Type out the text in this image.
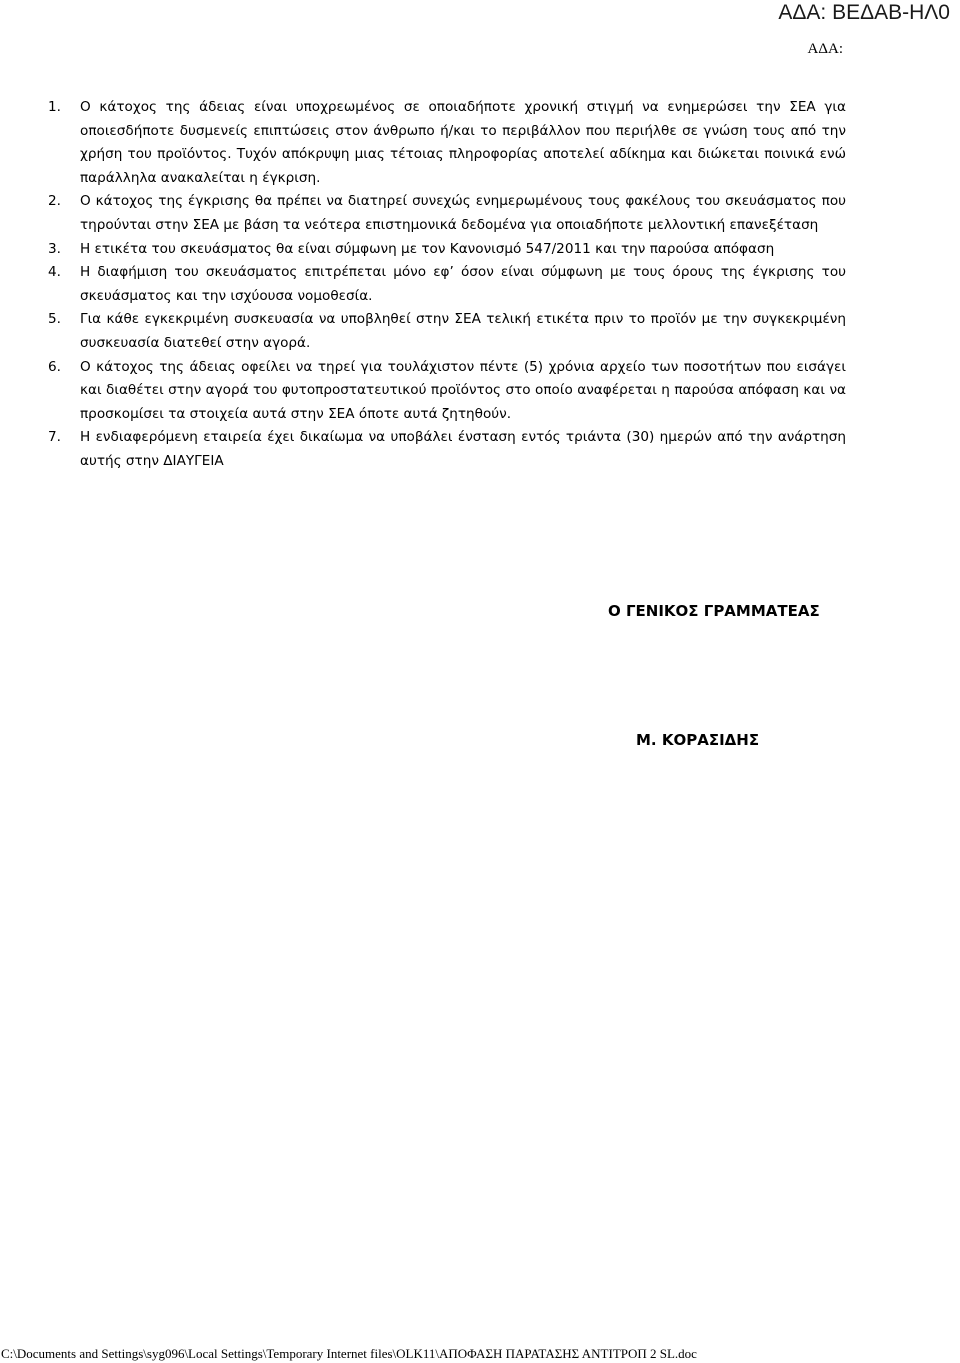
ΑΔΑ: ΒΕΔΑΒ-ΗΛ0
ΑΔΑ:
1. Ο κάτοχος της άδειας είναι υποχρεωμένος σε οποιαδήποτε χρονική στιγμή να ενημερώσει την ΣΕΑ για οποιεσδήποτε δυσμενείς επιπτώσεις στον άνθρωπο ή/και το περιβάλλον που περιήλθε σε γνώση τους από την χρήση του προϊόντος. Τυχόν απόκρυψη μιας τέτοιας πληροφορίας αποτελεί αδίκημα και διώκεται ποινικά ενώ παράλληλα ανακαλείται η έγκριση.
2. Ο κάτοχος της έγκρισης θα πρέπει να διατηρεί συνεχώς ενημερωμένους τους φακέλους του σκευάσματος που τηρούνται στην ΣΕΑ με βάση τα νεότερα επιστημονικά δεδομένα για οποιαδήποτε μελλοντική επανεξέταση
3. Η ετικέτα του σκευάσματος θα είναι σύμφωνη με τον Κανονισμό 547/2011 και την παρούσα απόφαση
4. Η διαφήμιση του σκευάσματος επιτρέπεται μόνο εφ’ όσον είναι σύμφωνη με τους όρους της έγκρισης του σκευάσματος και την ισχύουσα νομοθεσία.
5. Για κάθε εγκεκριμένη συσκευασία να υποβληθεί στην ΣΕΑ τελική ετικέτα πριν το προϊόν με την συγκεκριμένη συσκευασία διατεθεί στην αγορά.
6. Ο κάτοχος της άδειας οφείλει να τηρεί για τουλάχιστον πέντε (5) χρόνια αρχείο των ποσοτήτων που εισάγει και διαθέτει στην αγορά του φυτοπροστατευτικού προϊόντος στο οποίο αναφέρεται η παρούσα απόφαση και να προσκομίσει τα στοιχεία αυτά στην ΣΕΑ όποτε αυτά ζητηθούν.
7. Η ενδιαφερόμενη εταιρεία έχει δικαίωμα να υποβάλει ένσταση εντός τριάντα (30) ημερών από την ανάρτηση αυτής στην ΔΙΑΥΓΕΙΑ
Ο ΓΕΝΙΚΟΣ ΓΡΑΜΜΑΤΕΑΣ
Μ. ΚΟΡΑΣΙΔΗΣ
C:\Documents and Settings\syg096\Local Settings\Temporary Internet files\OLK11\ΑΠΟΦΑΣΗ ΠΑΡΑΤΑΣΗΣ ΑΝΤΙΤΡΟΠ 2 SL.doc
